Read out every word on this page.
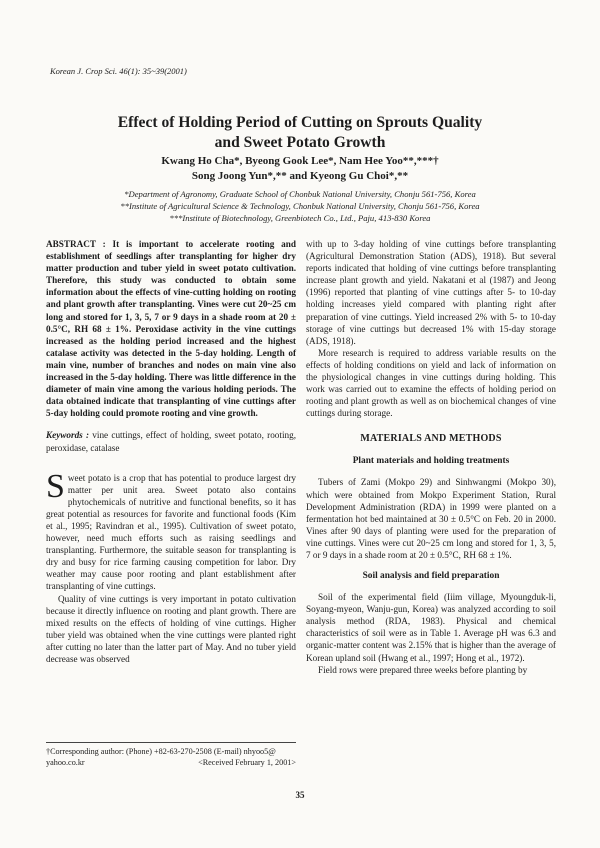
Korean J. Crop Sci. 46(1): 35~39(2001)
Effect of Holding Period of Cutting on Sprouts Quality
and Sweet Potato Growth
Kwang Ho Cha*, Byeong Gook Lee*, Nam Hee Yoo**,***†
Song Joong Yun*,** and Kyeong Gu Choi*,**
*Department of Agronomy, Graduate School of Chonbuk National University, Chonju 561-756, Korea
**Institute of Agricultural Science & Technology, Chonbuk National University, Chonju 561-756, Korea
***Institute of Biotechnology, Greenbiotech Co., Ltd., Paju, 413-830 Korea

ABSTRACT : It is important to accelerate rooting and establishment of seedlings after transplanting for higher dry matter production and tuber yield in sweet potato cultivation. Therefore, this study was conducted to obtain some information about the effects of vine-cutting holding on rooting and plant growth after transplanting. Vines were cut 20~25 cm long and stored for 1, 3, 5, 7 or 9 days in a shade room at 20 ± 0.5°C, RH 68 ± 1%. Peroxidase activity in the vine cuttings increased as the holding period increased and the highest catalase activity was detected in the 5-day holding. Length of main vine, number of branches and nodes on main vine also increased in the 5-day holding. There was little difference in the diameter of main vine among the various holding periods. The data obtained indicate that transplanting of vine cuttings after 5-day holding could promote rooting and vine growth.

Keywords : vine cuttings, effect of holding, sweet potato, rooting, peroxidase, catalase

Sweet potato is a crop that has potential to produce largest dry matter per unit area. Sweet potato also contains phytochemicals of nutritive and functional benefits, so it has great potential as resources for favorite and functional foods (Kim et al., 1995; Ravindran et al., 1995). Cultivation of sweet potato, however, need much efforts such as raising seedlings and transplanting. Furthermore, the suitable season for transplanting is dry and busy for rice farming causing competition for labor. Dry weather may cause poor rooting and plant establishment after transplanting of vine cuttings.

Quality of vine cuttings is very important in potato cultivation because it directly influence on rooting and plant growth. There are mixed results on the effects of holding of vine cuttings. Higher tuber yield was obtained when the vine cuttings were planted right after cutting no later than the latter part of May. And no tuber yield decrease was observed

with up to 3-day holding of vine cuttings before transplanting (Agricultural Demonstration Station (ADS), 1918). But several reports indicated that holding of vine cuttings before transplanting increase plant growth and yield. Nakatani et al (1987) and Jeong (1996) reported that planting of vine cuttings after 5- to 10-day holding increases yield compared with planting right after preparation of vine cuttings. Yield increased 2% with 5- to 10-day storage of vine cuttings but decreased 1% with 15-day storage (ADS, 1918).

More research is required to address variable results on the effects of holding conditions on yield and lack of information on the physiological changes in vine cuttings during holding. This work was carried out to examine the effects of holding period on rooting and plant growth as well as on biochemical changes of vine cuttings during storage.

MATERIALS AND METHODS
Plant materials and holding treatments

Tubers of Zami (Mokpo 29) and Sinhwangmi (Mokpo 30), which were obtained from Mokpo Experiment Station, Rural Development Administration (RDA) in 1999 were planted on a fermentation hot bed maintained at 30 ± 0.5°C on Feb. 20 in 2000. Vines after 90 days of planting were used for the preparation of vine cuttings. Vines were cut 20~25 cm long and stored for 1, 3, 5, 7 or 9 days in a shade room at 20 ± 0.5°C, RH 68 ± 1%.

Soil analysis and field preparation

Soil of the experimental field (Iiim village, Myoungduk-li, Soyang-myeon, Wanju-gun, Korea) was analyzed according to soil analysis method (RDA, 1983). Physical and chemical characteristics of soil were as in Table 1. Average pH was 6.3 and organic-matter content was 2.15% that is higher than the average of Korean upland soil (Hwang et al., 1997; Hong et al., 1972).

Field rows were prepared three weeks before planting by

†Corresponding author: (Phone) +82-63-270-2508 (E-mail) nhyoo5@
yahoo.co.kr	<Received February 1, 2001>
35
